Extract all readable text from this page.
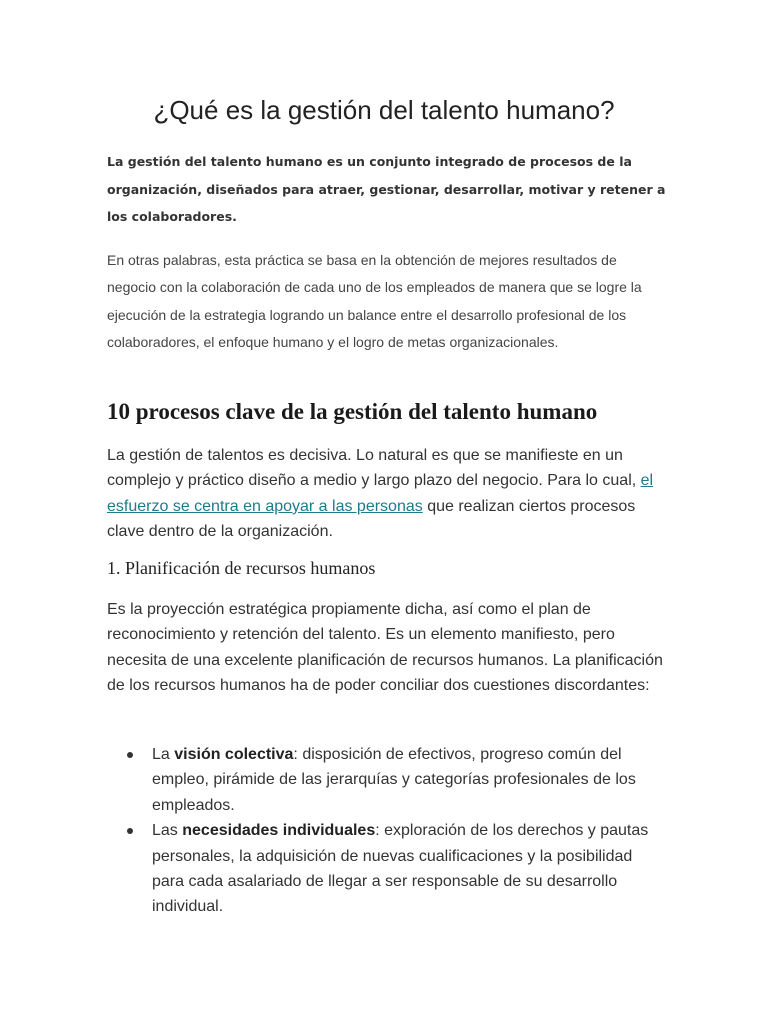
¿Qué es la gestión del talento humano?

La gestión del talento humano es un conjunto integrado de procesos de la organización, diseñados para atraer, gestionar, desarrollar, motivar y retener a los colaboradores.

En otras palabras, esta práctica se basa en la obtención de mejores resultados de negocio con la colaboración de cada uno de los empleados de manera que se logre la ejecución de la estrategia logrando un balance entre el desarrollo profesional de los colaboradores, el enfoque humano y el logro de metas organizacionales.

10 procesos clave de la gestión del talento humano

La gestión de talentos es decisiva. Lo natural es que se manifieste en un complejo y práctico diseño a medio y largo plazo del negocio. Para lo cual, el esfuerzo se centra en apoyar a las personas que realizan ciertos procesos clave dentro de la organización.

1. Planificación de recursos humanos

Es la proyección estratégica propiamente dicha, así como el plan de reconocimiento y retención del talento. Es un elemento manifiesto, pero necesita de una excelente planificación de recursos humanos. La planificación de los recursos humanos ha de poder conciliar dos cuestiones discordantes:

La visión colectiva: disposición de efectivos, progreso común del empleo, pirámide de las jerarquías y categorías profesionales de los empleados.
Las necesidades individuales: exploración de los derechos y pautas personales, la adquisición de nuevas cualificaciones y la posibilidad para cada asalariado de llegar a ser responsable de su desarrollo individual.
